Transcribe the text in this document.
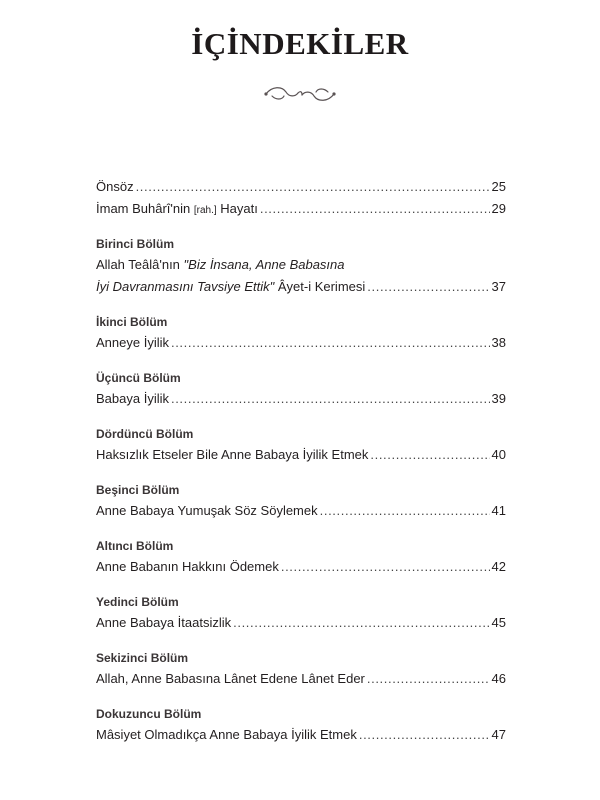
İÇİNDEKİLER
Önsöz . . .	25
İmam Buhârî'nin [rah.] Hayatı . . .	29
Birinci Bölüm
Allah Teâlâ'nın "Biz İnsana, Anne Babasına
İyi Davranmasını Tavsiye Ettik" Âyet-i Kerimesi . . .	37
İkinci Bölüm
Anneye İyilik . . .	38
Üçüncü Bölüm
Babaya İyilik . . .	39
Dördüncü Bölüm
Haksızlık Etseler Bile Anne Babaya İyilik Etmek . . .	40
Beşinci Bölüm
Anne Babaya Yumuşak Söz Söylemek . . .	41
Altıncı Bölüm
Anne Babanın Hakkını Ödemek . . .	42
Yedinci Bölüm
Anne Babaya İtaatsizlik . . .	45
Sekizinci Bölüm
Allah, Anne Babasına Lânet Edene Lânet Eder . . .	46
Dokuzuncu Bölüm
Mâsiyet Olmadıkça Anne Babaya İyilik Etmek . . .	47
